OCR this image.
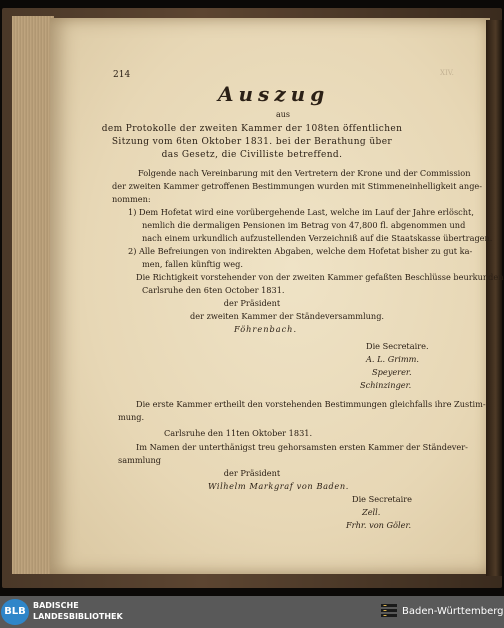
XIV.
214
Auszug
aus
dem Protokolle der zweiten Kammer der 108ten öffentlichen
Sitzung vom 6ten Oktober 1831. bei der Berathung über
das Gesetz, die Civilliste betreffend.
Folgende nach Vereinbarung mit den Vertretern der Krone und der Commission
der zweiten Kammer getroffenen Bestimmungen wurden mit Stimmeneinhelligkeit ange-
nommen:
1) Dem Hofetat wird eine vorübergehende Last, welche im Lauf der Jahre erlöscht,
nemlich die dermaligen Pensionen im Betrag von 47,800 fl. abgenommen und
nach einem urkundlich aufzustellenden Verzeichniß auf die Staatskasse übertragen.
2) Alle Befreiungen von indirekten Abgaben, welche dem Hofetat bisher zu gut ka-
men, fallen künftig weg.
Die Richtigkeit vorstehender von der zweiten Kammer gefaßten Beschlüsse beurkunden
Carlsruhe den 6ten October 1831.
der Präsident
der zweiten Kammer der Ständeversammlung.
Föhrenbach.
Die Secretaire.
A. L. Grimm.
Speyerer.
Schinzinger.
Die erste Kammer ertheilt den vorstehenden Bestimmungen gleichfalls ihre Zustim-
mung.
Carlsruhe den 11ten Oktober 1831.
Im Namen der unterthänigst treu gehorsamsten ersten Kammer der Ständever-
sammlung
der Präsident
Wilhelm Markgraf von Baden.
Die Secretaire
Zell.
Frhr. von Göler.
BLB
BADISCHE
LANDESBIBLIOTHEK	Baden-Württemberg
